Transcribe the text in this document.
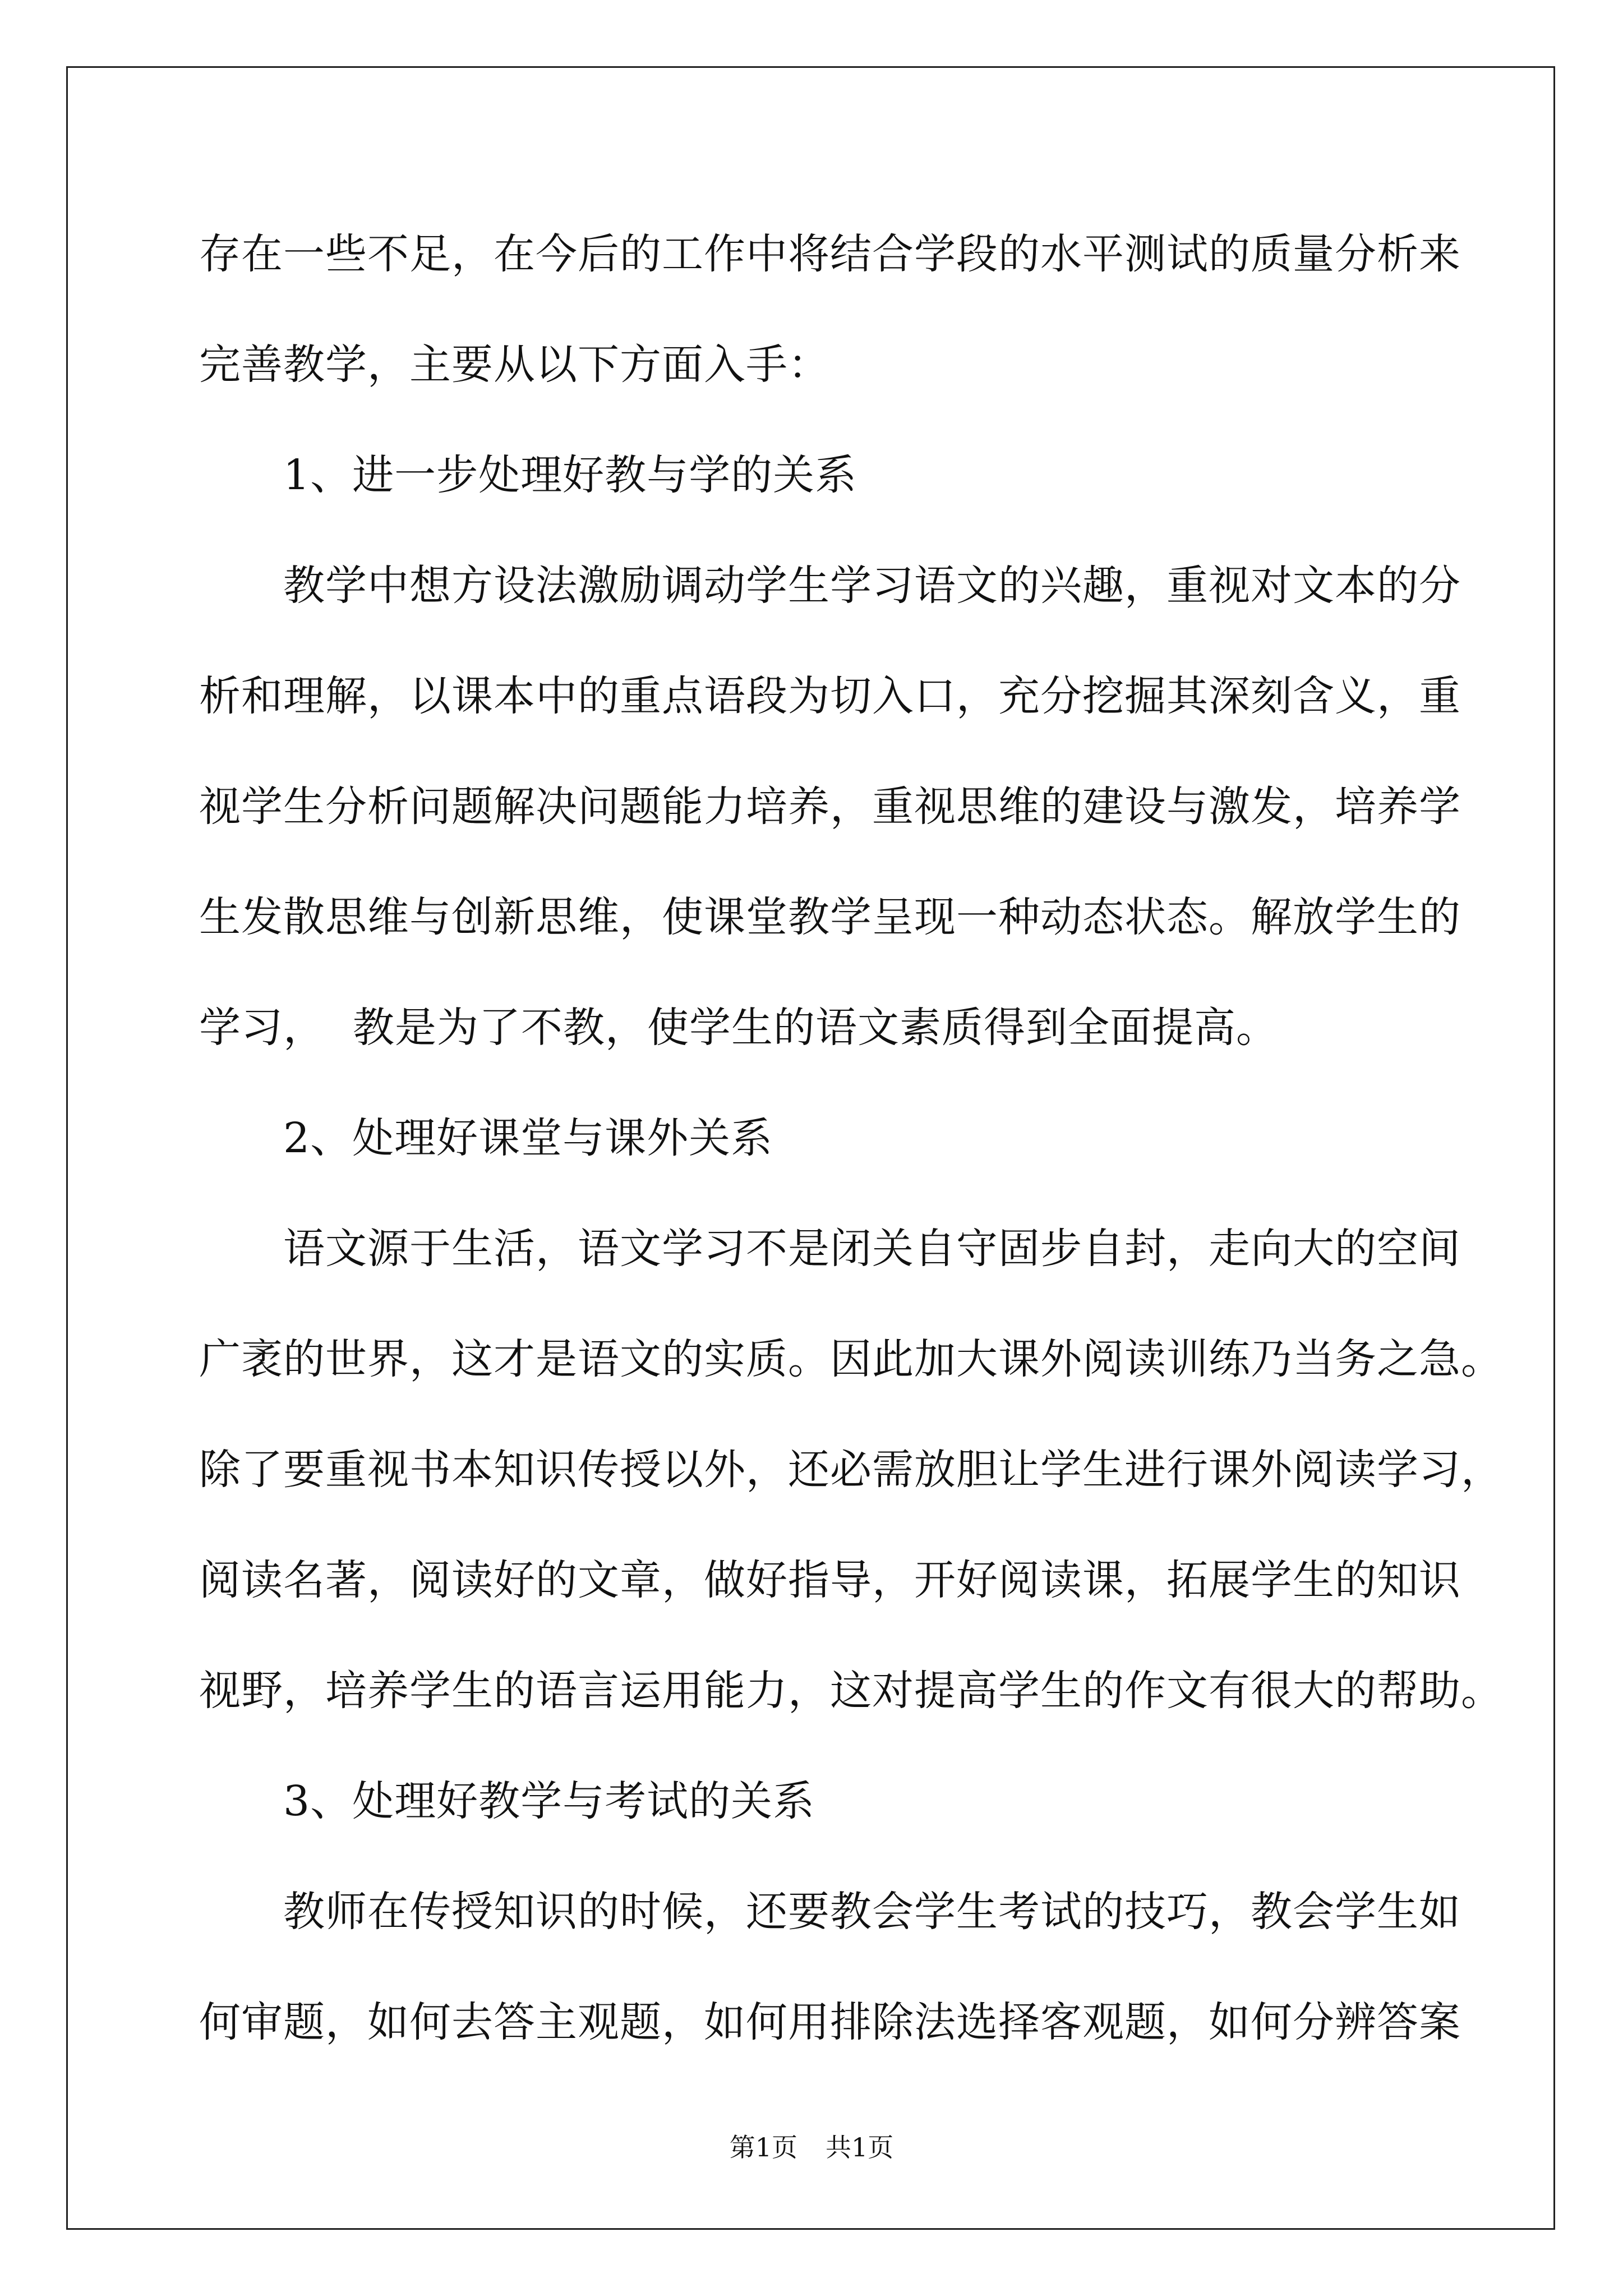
存在一些不足，在今后的工作中将结合学段的水平测试的质量分析来
完善教学，主要从以下方面入手：
1、进一步处理好教与学的关系
教学中想方设法激励调动学生学习语文的兴趣，重视对文本的分
析和理解，以课本中的重点语段为切入口，充分挖掘其深刻含义，重
视学生分析问题解决问题能力培养，重视思维的建设与激发，培养学
生发散思维与创新思维，使课堂教学呈现一种动态状态。解放学生的
学习，  教是为了不教，使学生的语文素质得到全面提高。
2、处理好课堂与课外关系
语文源于生活，语文学习不是闭关自守固步自封，走向大的空间
广袤的世界，这才是语文的实质。因此加大课外阅读训练乃当务之急。
除了要重视书本知识传授以外，还必需放胆让学生进行课外阅读学习，
阅读名著，阅读好的文章，做好指导，开好阅读课，拓展学生的知识
视野，培养学生的语言运用能力，这对提高学生的作文有很大的帮助。
3、处理好教学与考试的关系
教师在传授知识的时候，还要教会学生考试的技巧，教会学生如
何审题，如何去答主观题，如何用排除法选择客观题，如何分辨答案
第1页 共1页
